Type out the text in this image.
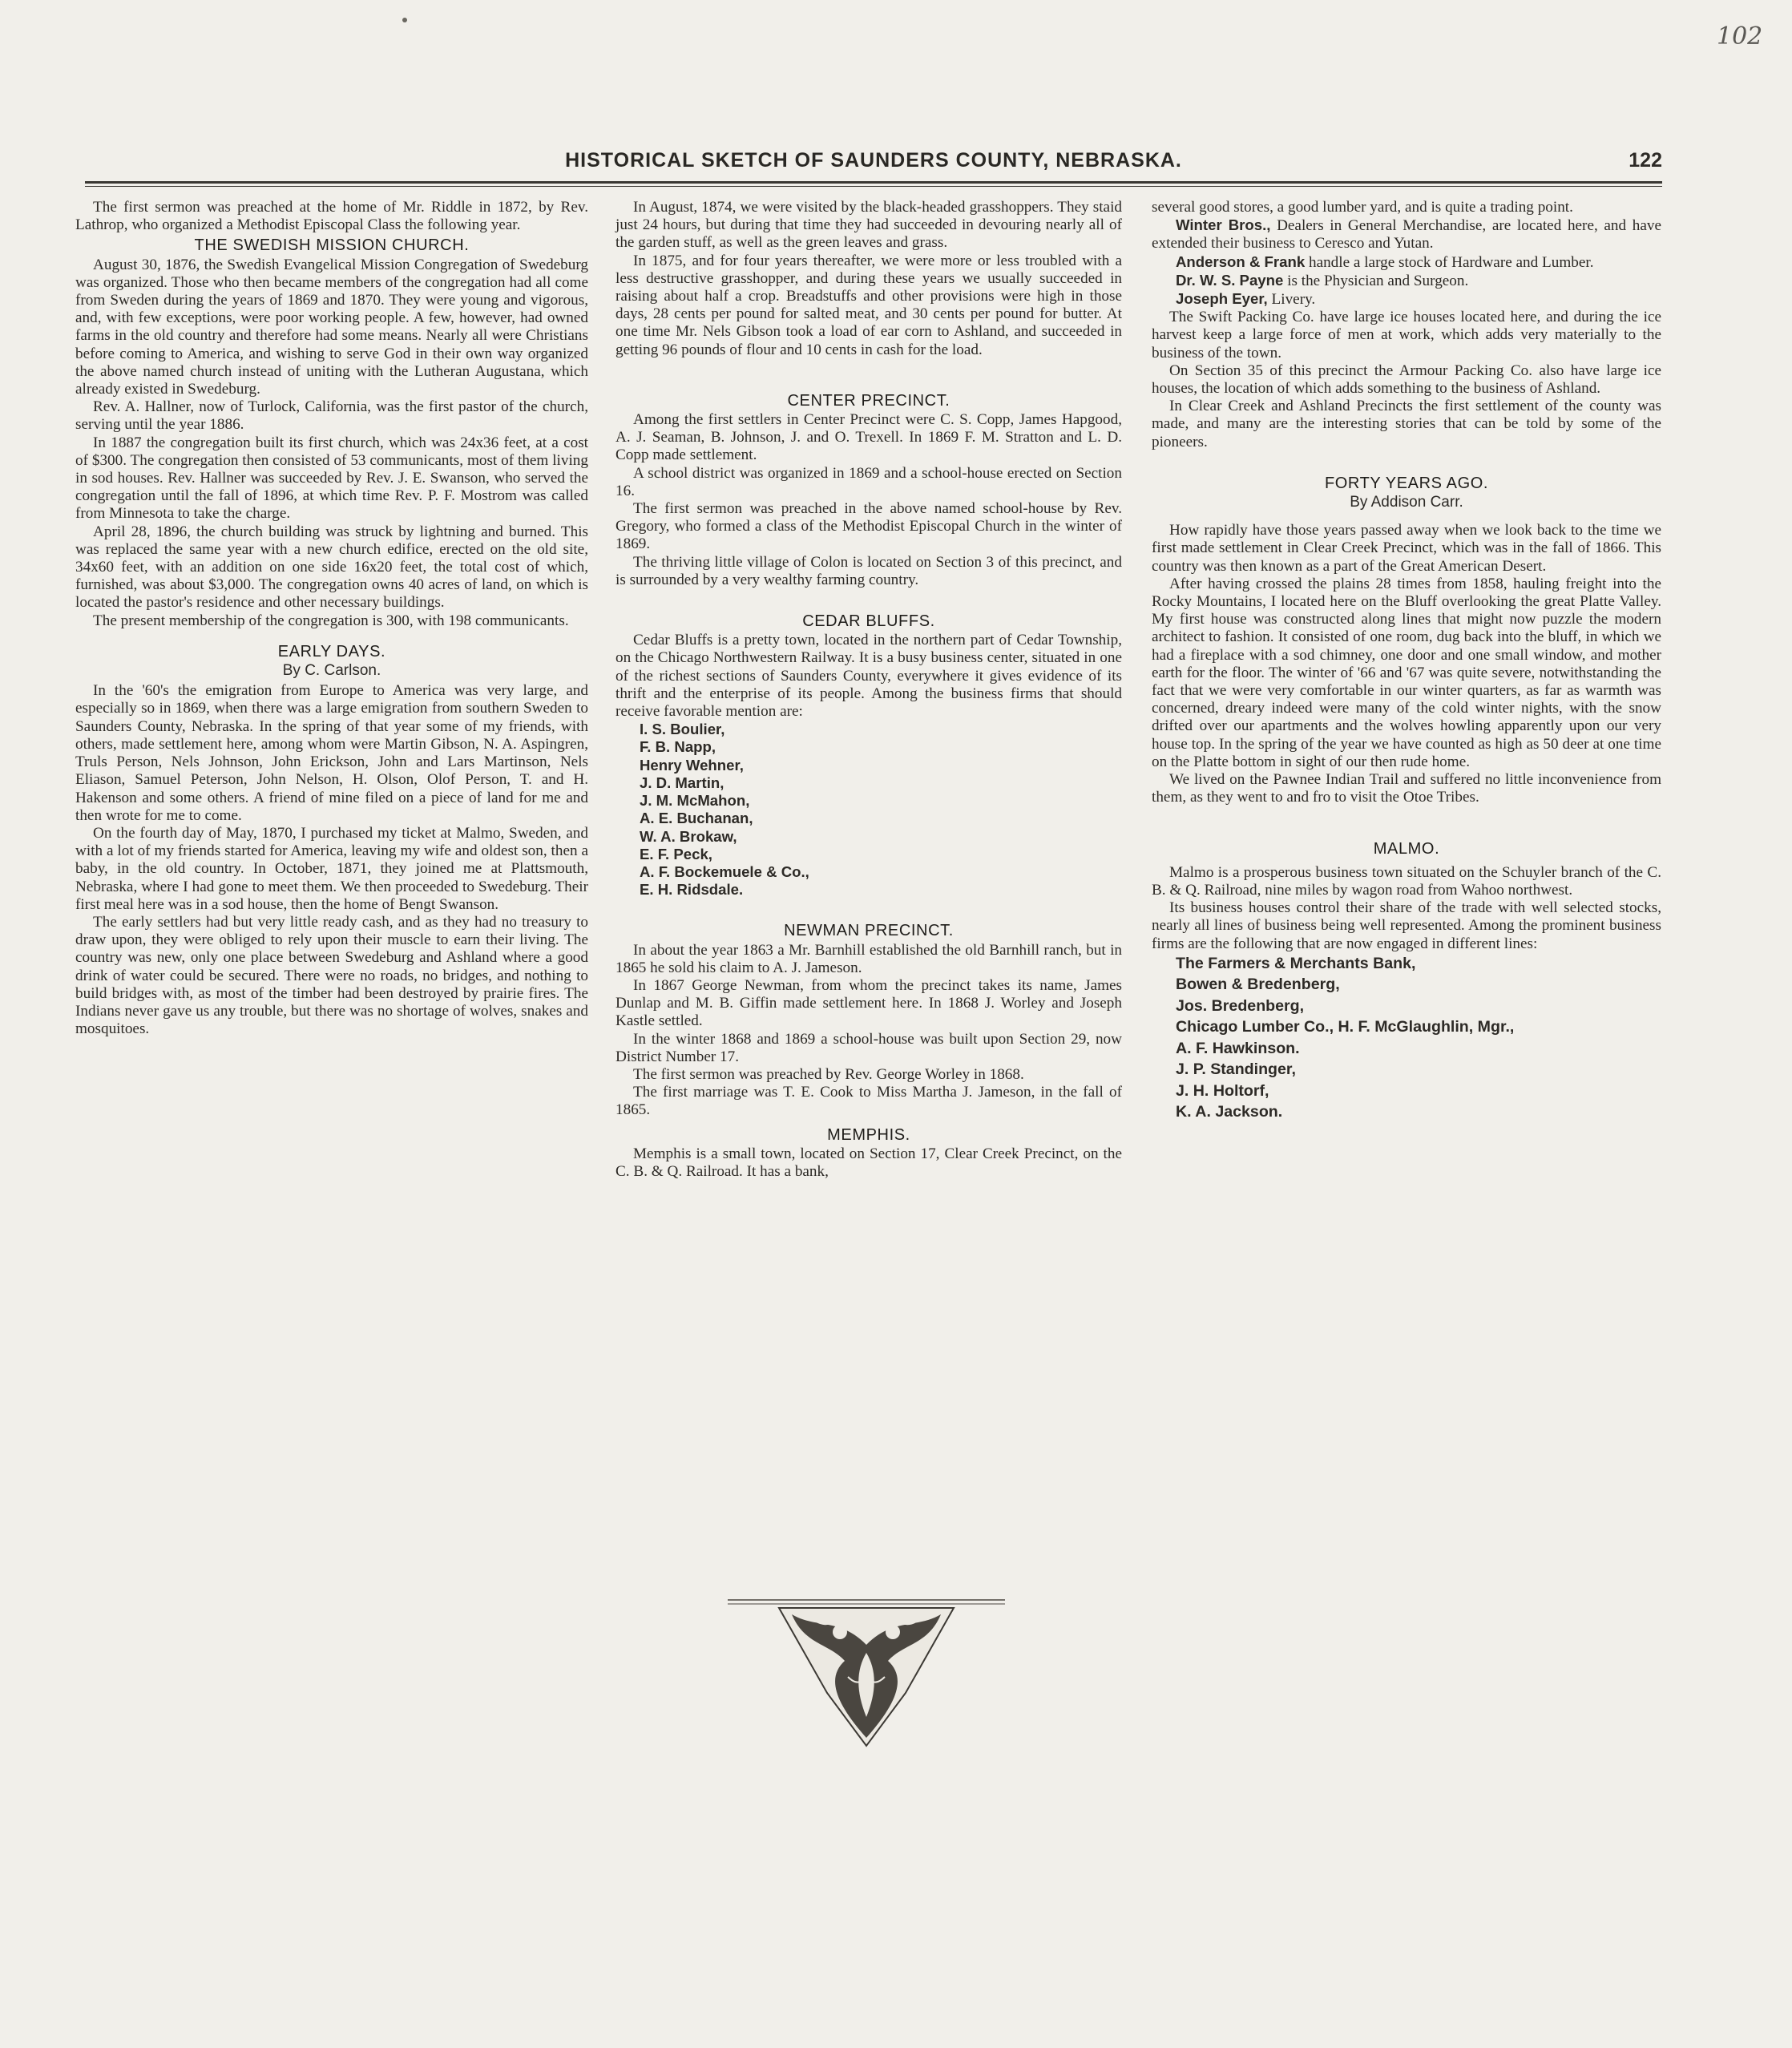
102
HISTORICAL SKETCH OF SAUNDERS COUNTY, NEBRASKA.	122

The first sermon was preached at the home of Mr. Riddle in 1872, by Rev. Lathrop, who organized a Methodist Episcopal Class the following year.

THE SWEDISH MISSION CHURCH.

August 30, 1876, the Swedish Evangelical Mission Congregation of Swedeburg was organized. Those who then became members of the congregation had all come from Sweden during the years of 1869 and 1870. They were young and vigorous, and, with few exceptions, were poor working people. A few, however, had owned farms in the old country and therefore had some means. Nearly all were Christians before coming to America, and wishing to serve God in their own way organized the above named church instead of uniting with the Lutheran Augustana, which already existed in Swedeburg.

Rev. A. Hallner, now of Turlock, California, was the first pastor of the church, serving until the year 1886.

In 1887 the congregation built its first church, which was 24x36 feet, at a cost of $300. The congregation then consisted of 53 communicants, most of them living in sod houses. Rev. Hallner was succeeded by Rev. J. E. Swanson, who served the congregation until the fall of 1896, at which time Rev. P. F. Mostrom was called from Minnesota to take the charge.

April 28, 1896, the church building was struck by lightning and burned. This was replaced the same year with a new church edifice, erected on the old site, 34x60 feet, with an addition on one side 16x20 feet, the total cost of which, furnished, was about $3,000. The congregation owns 40 acres of land, on which is located the pastor's residence and other necessary buildings.

The present membership of the congregation is 300, with 198 communicants.

EARLY DAYS.
By C. Carlson.

In the '60's the emigration from Europe to America was very large, and especially so in 1869, when there was a large emigration from southern Sweden to Saunders County, Nebraska. In the spring of that year some of my friends, with others, made settlement here, among whom were Martin Gibson, N. A. Aspingren, Truls Person, Nels Johnson, John Erickson, John and Lars Martinson, Nels Eliason, Samuel Peterson, John Nelson, H. Olson, Olof Person, T. and H. Hakenson and some others. A friend of mine filed on a piece of land for me and then wrote for me to come.

On the fourth day of May, 1870, I purchased my ticket at Malmo, Sweden, and with a lot of my friends started for America, leaving my wife and oldest son, then a baby, in the old country. In October, 1871, they joined me at Plattsmouth, Nebraska, where I had gone to meet them. We then proceeded to Swedeburg. Their first meal here was in a sod house, then the home of Bengt Swanson.

The early settlers had but very little ready cash, and as they had no treasury to draw upon, they were obliged to rely upon their muscle to earn their living. The country was new, only one place between Swedeburg and Ashland where a good drink of water could be secured. There were no roads, no bridges, and nothing to build bridges with, as most of the timber had been destroyed by prairie fires. The Indians never gave us any trouble, but there was no shortage of wolves, snakes and mosquitoes.

In August, 1874, we were visited by the black-headed grasshoppers. They staid just 24 hours, but during that time they had succeeded in devouring nearly all of the garden stuff, as well as the green leaves and grass.

In 1875, and for four years thereafter, we were more or less troubled with a less destructive grasshopper, and during these years we usually succeeded in raising about half a crop. Breadstuffs and other provisions were high in those days, 28 cents per pound for salted meat, and 30 cents per pound for butter. At one time Mr. Nels Gibson took a load of ear corn to Ashland, and succeeded in getting 96 pounds of flour and 10 cents in cash for the load.

CENTER PRECINCT.

Among the first settlers in Center Precinct were C. S. Copp, James Hapgood, A. J. Seaman, B. Johnson, J. and O. Trexell. In 1869 F. M. Stratton and L. D. Copp made settlement.

A school district was organized in 1869 and a school-house erected on Section 16.

The first sermon was preached in the above named school-house by Rev. Gregory, who formed a class of the Methodist Episcopal Church in the winter of 1869.

The thriving little village of Colon is located on Section 3 of this precinct, and is surrounded by a very wealthy farming country.

CEDAR BLUFFS.

Cedar Bluffs is a pretty town, located in the northern part of Cedar Township, on the Chicago Northwestern Railway. It is a busy business center, situated in one of the richest sections of Saunders County, everywhere it gives evidence of its thrift and the enterprise of its people. Among the business firms that should receive favorable mention are:

I. S. Boulier,
F. B. Napp,
Henry Wehner,
J. D. Martin,
J. M. McMahon,
A. E. Buchanan,
W. A. Brokaw,
E. F. Peck,
A. F. Bockemuele & Co.,
E. H. Ridsdale.
NEWMAN PRECINCT.

In about the year 1863 a Mr. Barnhill established the old Barnhill ranch, but in 1865 he sold his claim to A. J. Jameson.

In 1867 George Newman, from whom the precinct takes its name, James Dunlap and M. B. Giffin made settlement here. In 1868 J. Worley and Joseph Kastle settled.

In the winter 1868 and 1869 a school-house was built upon Section 29, now District Number 17.

The first sermon was preached by Rev. George Worley in 1868.

The first marriage was T. E. Cook to Miss Martha J. Jameson, in the fall of 1865.

MEMPHIS.

Memphis is a small town, located on Section 17, Clear Creek Precinct, on the C. B. & Q. Railroad. It has a bank,

several good stores, a good lumber yard, and is quite a trading point.

Winter Bros., Dealers in General Merchandise, are located here, and have extended their business to Ceresco and Yutan.

Anderson & Frank handle a large stock of Hardware and Lumber.

Dr. W. S. Payne is the Physician and Surgeon.

Joseph Eyer, Livery.

The Swift Packing Co. have large ice houses located here, and during the ice harvest keep a large force of men at work, which adds very materially to the business of the town.

On Section 35 of this precinct the Armour Packing Co. also have large ice houses, the location of which adds something to the business of Ashland.

In Clear Creek and Ashland Precincts the first settlement of the county was made, and many are the interesting stories that can be told by some of the pioneers.

FORTY YEARS AGO.
By Addison Carr.

How rapidly have those years passed away when we look back to the time we first made settlement in Clear Creek Precinct, which was in the fall of 1866. This country was then known as a part of the Great American Desert.

After having crossed the plains 28 times from 1858, hauling freight into the Rocky Mountains, I located here on the Bluff overlooking the great Platte Valley. My first house was constructed along lines that might now puzzle the modern architect to fashion. It consisted of one room, dug back into the bluff, in which we had a fireplace with a sod chimney, one door and one small window, and mother earth for the floor. The winter of '66 and '67 was quite severe, notwithstanding the fact that we were very comfortable in our winter quarters, as far as warmth was concerned, dreary indeed were many of the cold winter nights, with the snow drifted over our apartments and the wolves howling apparently upon our very house top. In the spring of the year we have counted as high as 50 deer at one time on the Platte bottom in sight of our then rude home.

We lived on the Pawnee Indian Trail and suffered no little inconvenience from them, as they went to and fro to visit the Otoe Tribes.

MALMO.

Malmo is a prosperous business town situated on the Schuyler branch of the C. B. & Q. Railroad, nine miles by wagon road from Wahoo northwest.

Its business houses control their share of the trade with well selected stocks, nearly all lines of business being well represented. Among the prominent business firms are the following that are now engaged in different lines:

The Farmers & Merchants Bank,
Bowen & Bredenberg,
Jos. Bredenberg,
Chicago Lumber Co., H. F. McGlaughlin, Mgr.,
A. F. Hawkinson.
J. P. Standinger,
J. H. Holtorf,
K. A. Jackson.
